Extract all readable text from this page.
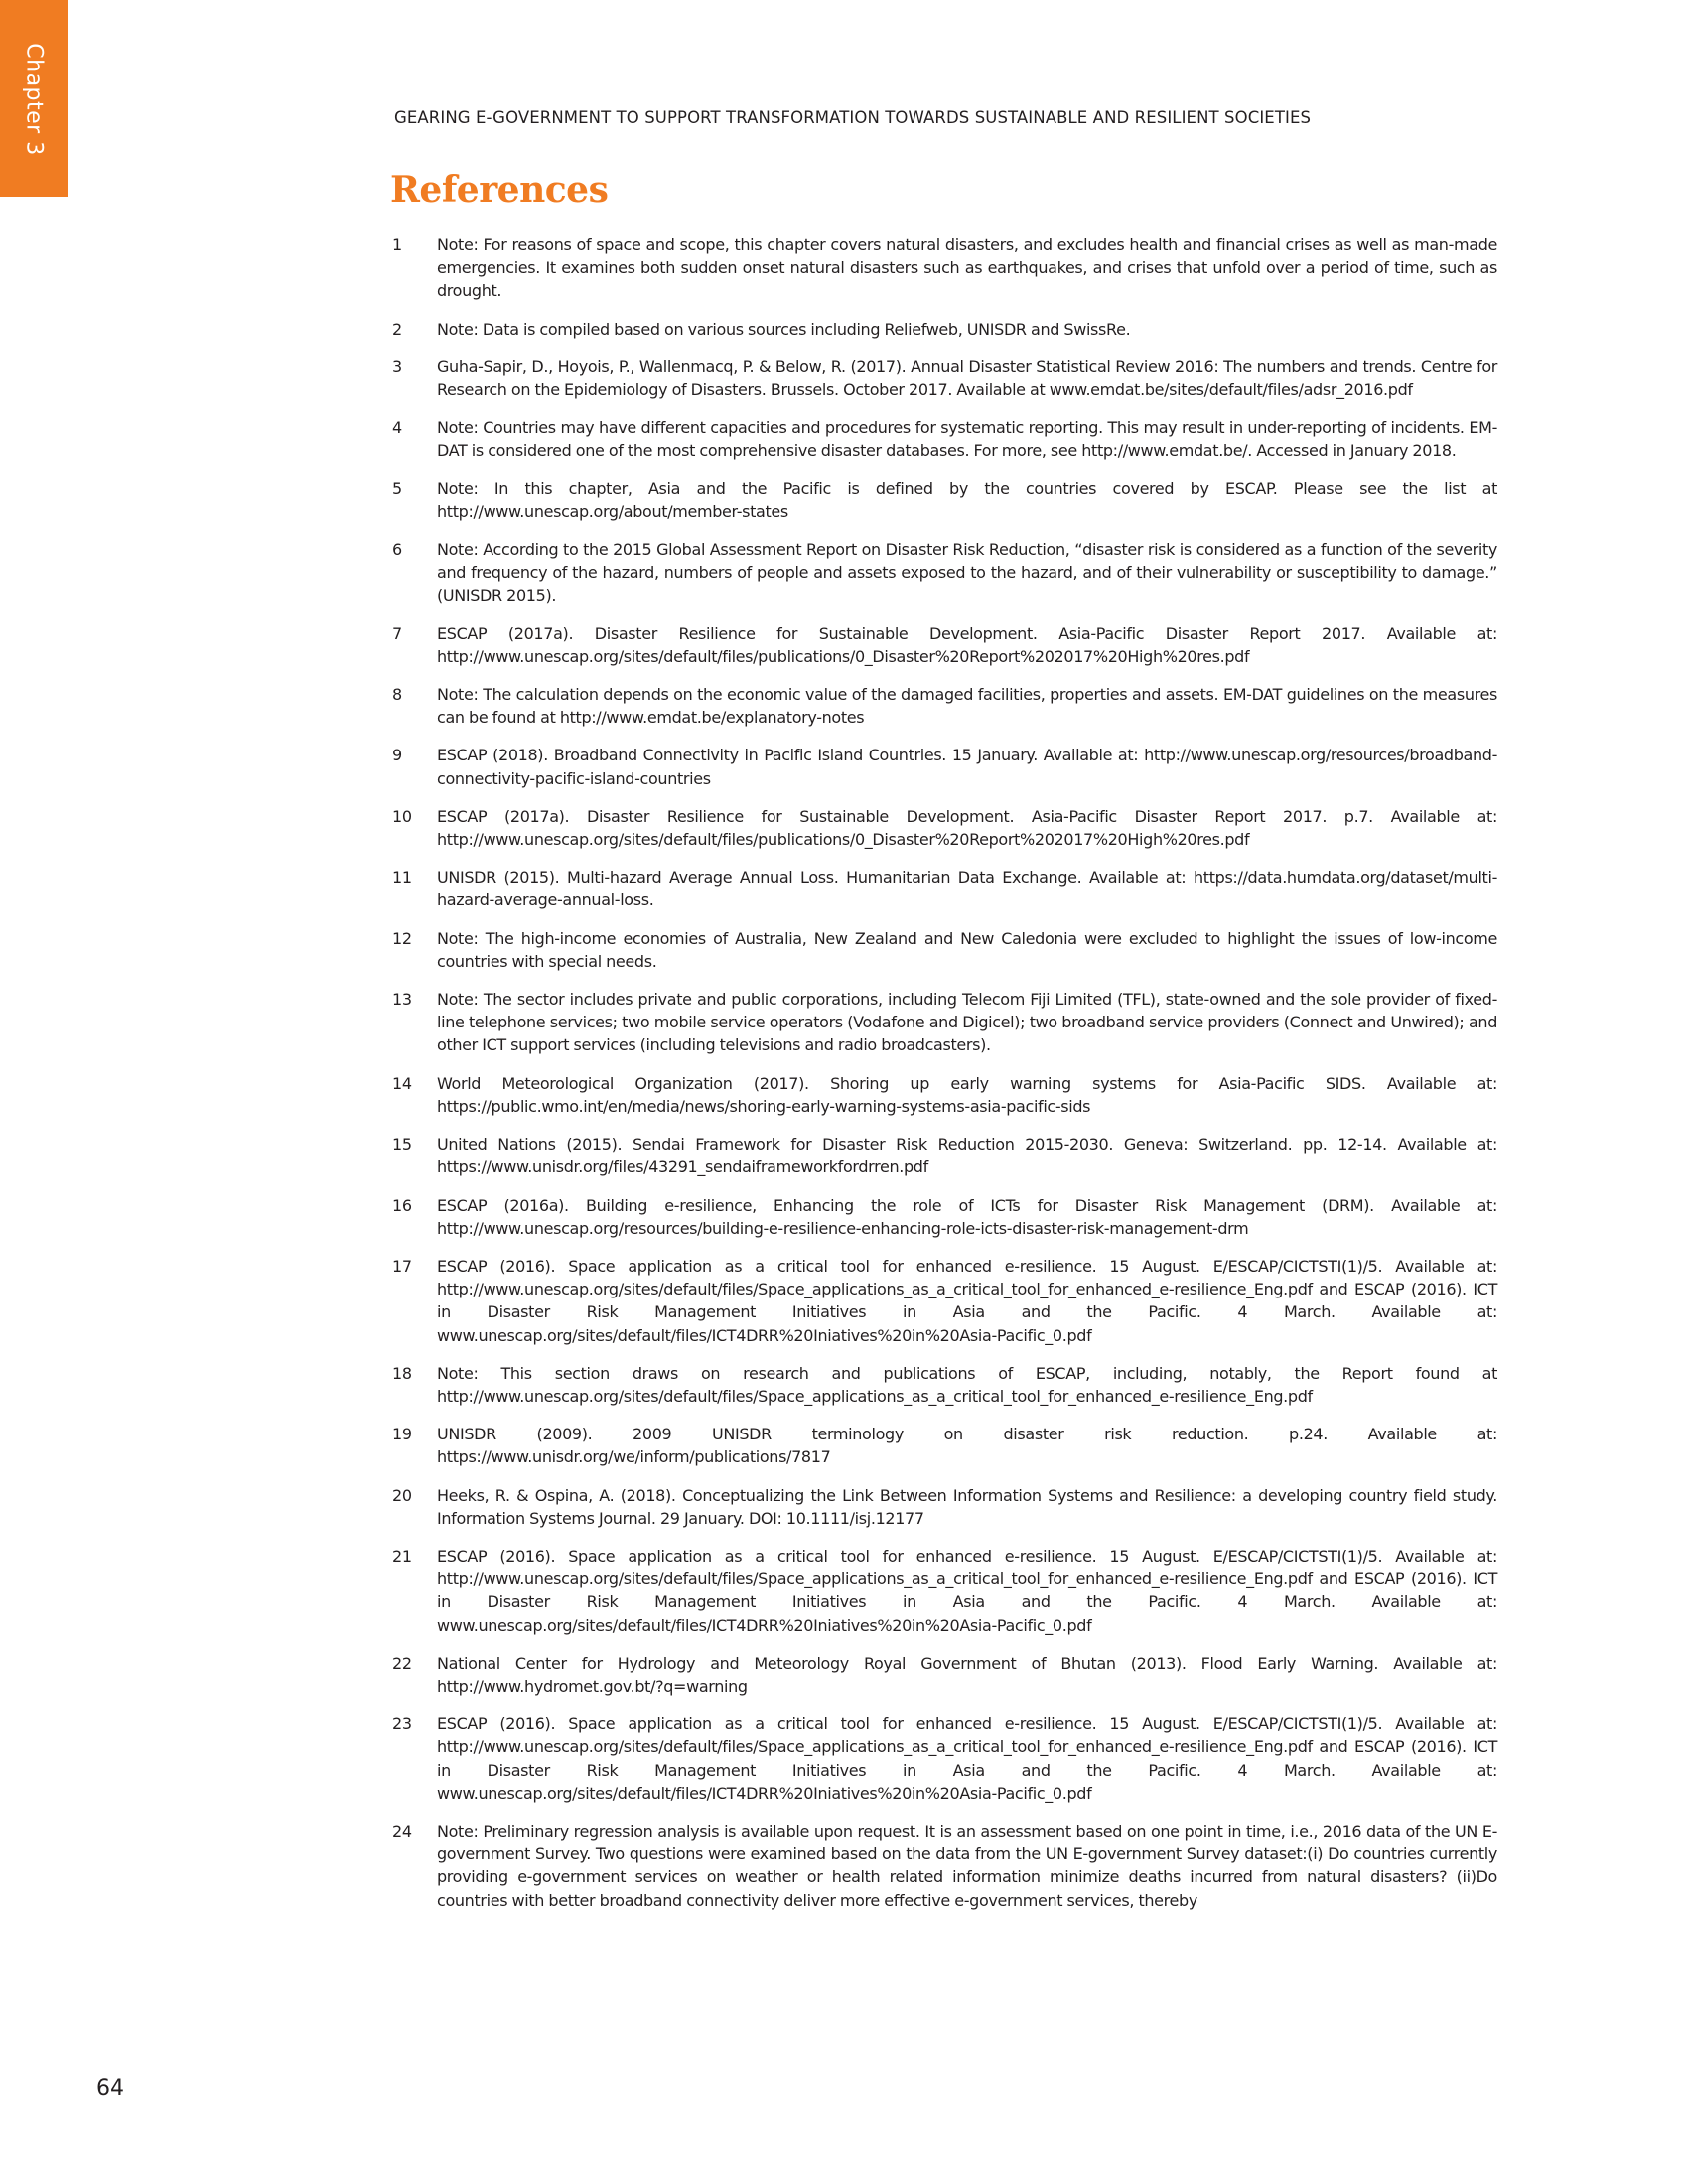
Chapter 3	GEARING E-GOVERNMENT TO SUPPORT TRANSFORMATION TOWARDS SUSTAINABLE AND RESILIENT SOCIETIES
References
1	Note: For reasons of space and scope, this chapter covers natural disasters, and excludes health and financial crises as well as man-made emergencies. It examines both sudden onset natural disasters such as earthquakes, and crises that unfold over a period of time, such as drought.
2	Note: Data is compiled based on various sources including Reliefweb, UNISDR and SwissRe.
3	Guha-Sapir, D., Hoyois, P., Wallenmacq, P. & Below, R. (2017). Annual Disaster Statistical Review 2016: The numbers and trends. Centre for Research on the Epidemiology of Disasters. Brussels. October 2017. Available at www.emdat.be/sites/default/files/adsr_2016.pdf
4	Note: Countries may have different capacities and procedures for systematic reporting. This may result in under-reporting of incidents. EM-DAT is considered one of the most comprehensive disaster databases. For more, see http://www.emdat.be/. Accessed in January 2018.
5	Note: In this chapter, Asia and the Pacific is defined by the countries covered by ESCAP. Please see the list at http://www.unescap.org/about/member-states
6	Note: According to the 2015 Global Assessment Report on Disaster Risk Reduction, “disaster risk is considered as a function of the severity and frequency of the hazard, numbers of people and assets exposed to the hazard, and of their vulnerability or susceptibility to damage.” (UNISDR 2015).
7	ESCAP (2017a). Disaster Resilience for Sustainable Development. Asia-Pacific Disaster Report 2017. Available at: http://www.unescap.org/sites/default/files/publications/0_Disaster%20Report%202017%20High%20res.pdf
8	Note: The calculation depends on the economic value of the damaged facilities, properties and assets. EM-DAT guidelines on the measures can be found at http://www.emdat.be/explanatory-notes
9	ESCAP (2018). Broadband Connectivity in Pacific Island Countries. 15 January. Available at: http://www.unescap.org/resources/broadband-connectivity-pacific-island-countries
10	ESCAP (2017a). Disaster Resilience for Sustainable Development. Asia-Pacific Disaster Report 2017. p.7. Available at: http://www.unescap.org/sites/default/files/publications/0_Disaster%20Report%202017%20High%20res.pdf
11	UNISDR (2015). Multi-hazard Average Annual Loss. Humanitarian Data Exchange. Available at: https://data.humdata.org/dataset/multi-hazard-average-annual-loss.
12	Note: The high-income economies of Australia, New Zealand and New Caledonia were excluded to highlight the issues of low-income countries with special needs.
13	Note: The sector includes private and public corporations, including Telecom Fiji Limited (TFL), state-owned and the sole provider of fixed-line telephone services; two mobile service operators (Vodafone and Digicel); two broadband service providers (Connect and Unwired); and other ICT support services (including televisions and radio broadcasters).
14	World Meteorological Organization (2017). Shoring up early warning systems for Asia-Pacific SIDS. Available at: https://public.wmo.int/en/media/news/shoring-early-warning-systems-asia-pacific-sids
15	United Nations (2015). Sendai Framework for Disaster Risk Reduction 2015-2030. Geneva: Switzerland. pp. 12-14. Available at: https://www.unisdr.org/files/43291_sendaiframeworkfordrren.pdf
16	ESCAP (2016a). Building e-resilience, Enhancing the role of ICTs for Disaster Risk Management (DRM). Available at: http://www.unescap.org/resources/building-e-resilience-enhancing-role-icts-disaster-risk-management-drm
17	ESCAP (2016). Space application as a critical tool for enhanced e-resilience. 15 August. E/ESCAP/CICTSTI(1)/5. Available at: http://www.unescap.org/sites/default/files/Space_applications_as_a_critical_tool_for_enhanced_e-resilience_Eng.pdf and ESCAP (2016). ICT in Disaster Risk Management Initiatives in Asia and the Pacific. 4 March. Available at: www.unescap.org/sites/default/files/ICT4DRR%20Iniatives%20in%20Asia-Pacific_0.pdf
18	Note: This section draws on research and publications of ESCAP, including, notably, the Report found at http://www.unescap.org/sites/default/files/Space_applications_as_a_critical_tool_for_enhanced_e-resilience_Eng.pdf
19	UNISDR (2009). 2009 UNISDR terminology on disaster risk reduction. p.24. Available at: https://www.unisdr.org/we/inform/publications/7817
20	Heeks, R. & Ospina, A. (2018). Conceptualizing the Link Between Information Systems and Resilience: a developing country field study. Information Systems Journal. 29 January. DOI: 10.1111/isj.12177
21	ESCAP (2016). Space application as a critical tool for enhanced e-resilience. 15 August. E/ESCAP/CICTSTI(1)/5. Available at: http://www.unescap.org/sites/default/files/Space_applications_as_a_critical_tool_for_enhanced_e-resilience_Eng.pdf and ESCAP (2016). ICT in Disaster Risk Management Initiatives in Asia and the Pacific. 4 March. Available at: www.unescap.org/sites/default/files/ICT4DRR%20Iniatives%20in%20Asia-Pacific_0.pdf
22	National Center for Hydrology and Meteorology Royal Government of Bhutan (2013). Flood Early Warning. Available at: http://www.hydromet.gov.bt/?q=warning
23	ESCAP (2016). Space application as a critical tool for enhanced e-resilience. 15 August. E/ESCAP/CICTSTI(1)/5. Available at: http://www.unescap.org/sites/default/files/Space_applications_as_a_critical_tool_for_enhanced_e-resilience_Eng.pdf and ESCAP (2016). ICT in Disaster Risk Management Initiatives in Asia and the Pacific. 4 March. Available at: www.unescap.org/sites/default/files/ICT4DRR%20Iniatives%20in%20Asia-Pacific_0.pdf
24	Note: Preliminary regression analysis is available upon request. It is an assessment based on one point in time, i.e., 2016 data of the UN E-government Survey. Two questions were examined based on the data from the UN E-government Survey dataset:(i) Do countries currently providing e-government services on weather or health related information minimize deaths incurred from natural disasters? (ii)Do countries with better broadband connectivity deliver more effective e-government services, thereby
64
